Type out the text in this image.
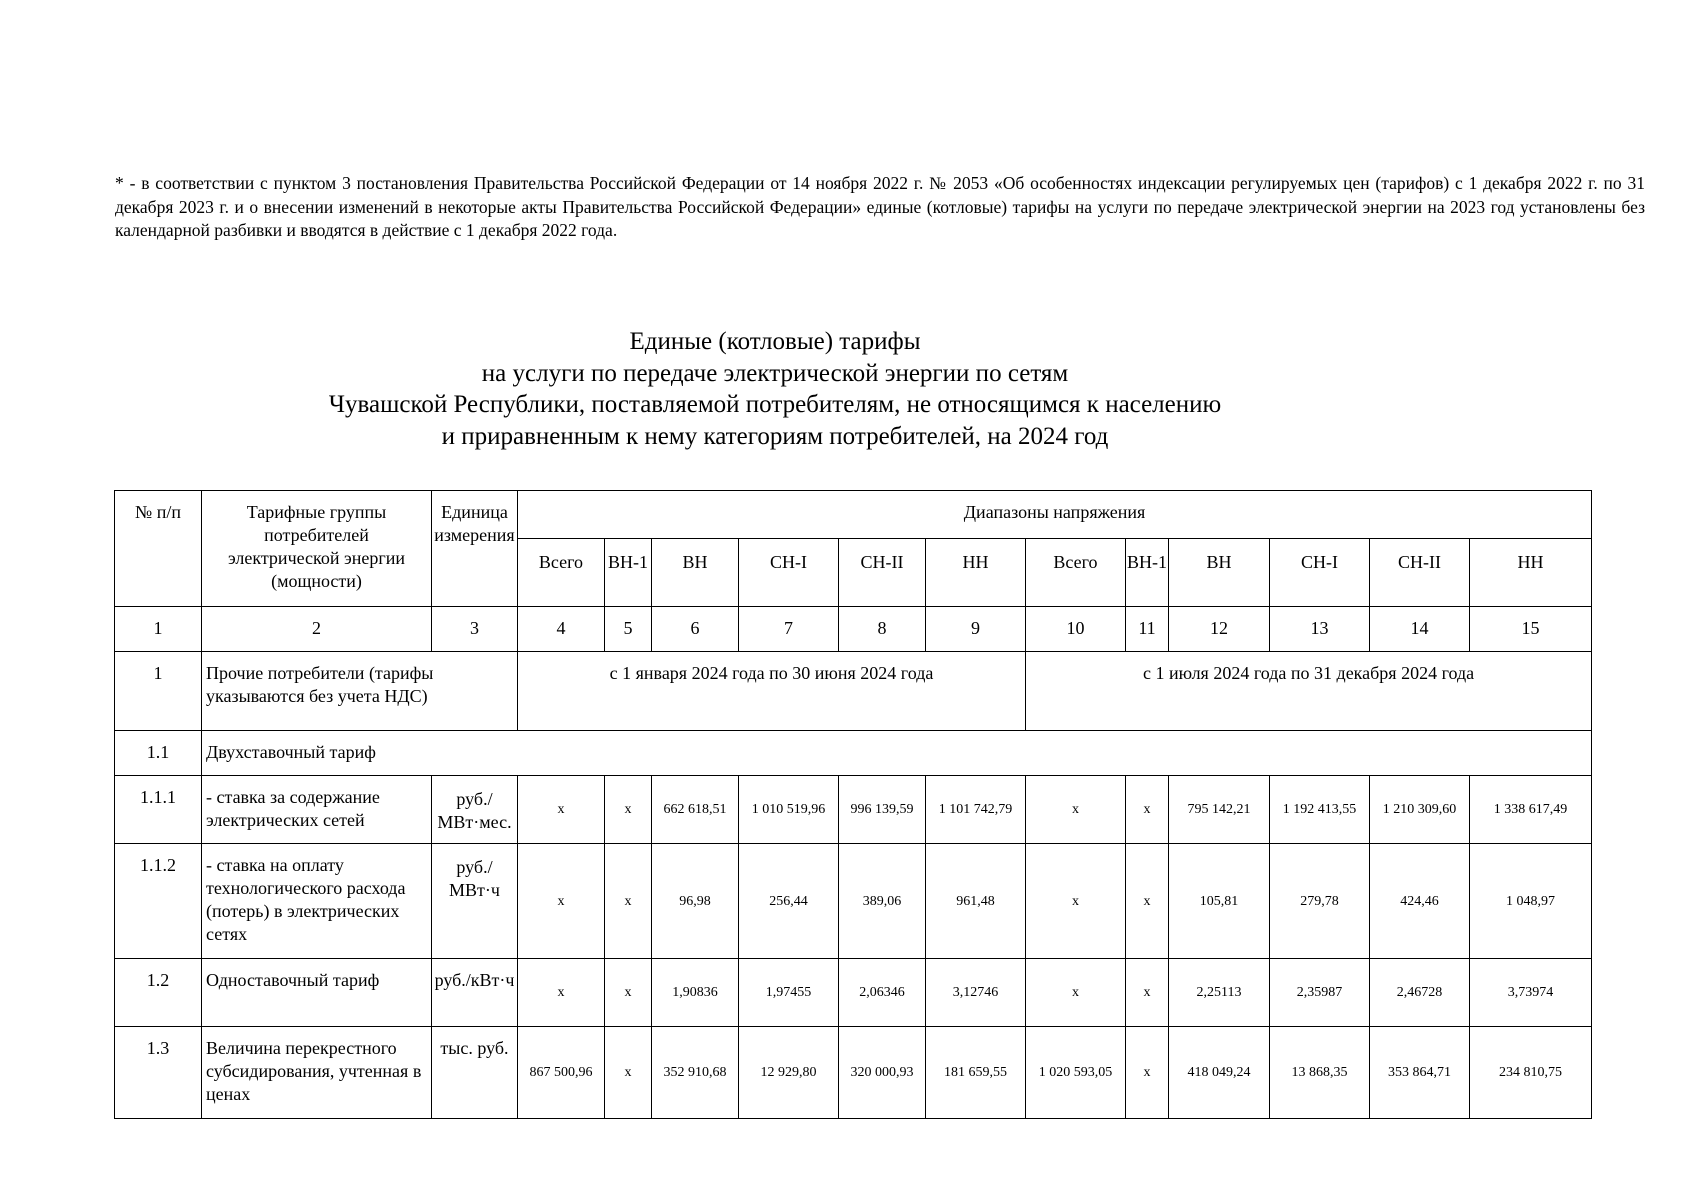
* - в соответствии с пунктом 3 постановления Правительства Российской Федерации от 14 ноября 2022 г. № 2053 «Об особенностях индексации регулируемых цен (тарифов) с 1 декабря 2022 г. по 31 декабря 2023 г. и о внесении изменений в некоторые акты Правительства Российской Федерации» единые (котловые) тарифы на услуги по передаче электрической энергии на 2023 год установлены без календарной разбивки и вводятся в действие с 1 декабря 2022 года.
Единые (котловые) тарифы
на услуги по передаче электрической энергии по сетям
Чувашской Республики, поставляемой потребителям, не относящимся к населению
и приравненным к нему категориям потребителей, на 2024 год
№ п/п	Тарифные группы потребителей электрической энергии (мощности)	Единица измерения	Диапазоны напряжения											
			Всего	ВН-1	ВН	СН-I	СН-II	НН	Всего	ВН-1	ВН	СН-I	СН-II	НН
1	2	3	4	5	6	7	8	9	10	11	12	13	14	15
1	Прочие потребители (тарифы указываются без учета НДС)		с 1 января 2024 года по 30 июня 2024 года						с 1 июля 2024 года по 31 декабря 2024 года					
1.1	Двухставочный тариф													
1.1.1	- ставка за содержание электрических сетей	руб./МВт·мес.	х	х	662 618,51	1 010 519,96	996 139,59	1 101 742,79	х	х	795 142,21	1 192 413,55	1 210 309,60	1 338 617,49
1.1.2	- ставка на оплату технологического расхода (потерь) в электрических сетях	руб./МВт·ч	х	х	96,98	256,44	389,06	961,48	х	х	105,81	279,78	424,46	1 048,97
1.2	Одноставочный тариф	руб./кВт·ч	х	х	1,90836	1,97455	2,06346	3,12746	х	х	2,25113	2,35987	2,46728	3,73974
1.3	Величина перекрестного субсидирования, учтенная в ценах	тыс. руб.	867 500,96	х	352 910,68	12 929,80	320 000,93	181 659,55	1 020 593,05	х	418 049,24	13 868,35	353 864,71	234 810,75
